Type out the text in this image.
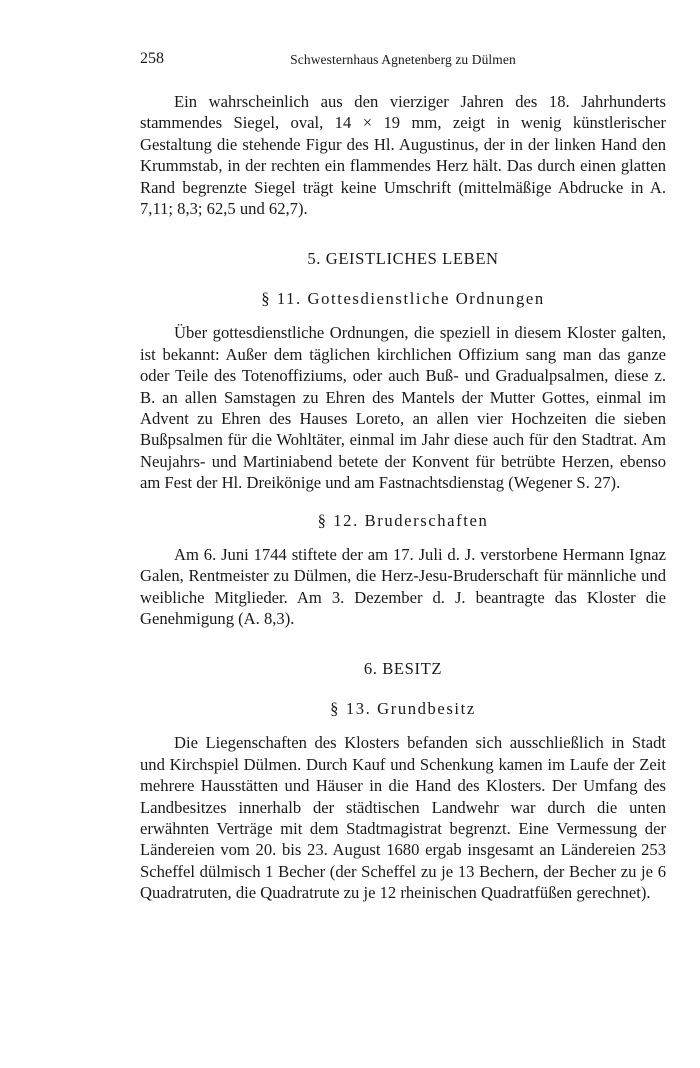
258	Schwesternhaus Agnetenberg zu Dülmen

Ein wahrscheinlich aus den vierziger Jahren des 18. Jahrhunderts stammendes Siegel, oval, 14 × 19 mm, zeigt in wenig künstlerischer Gestaltung die stehende Figur des Hl. Augustinus, der in der linken Hand den Krummstab, in der rechten ein flammendes Herz hält. Das durch einen glatten Rand begrenzte Siegel trägt keine Umschrift (mittelmäßige Abdrucke in A. 7,11; 8,3; 62,5 und 62,7).

5. GEISTLICHES LEBEN
§ 11. Gottesdienstliche Ordnungen

Über gottesdienstliche Ordnungen, die speziell in diesem Kloster galten, ist bekannt: Außer dem täglichen kirchlichen Offizium sang man das ganze oder Teile des Totenoffiziums, oder auch Buß- und Gradualpsalmen, diese z. B. an allen Samstagen zu Ehren des Mantels der Mutter Gottes, einmal im Advent zu Ehren des Hauses Loreto, an allen vier Hochzeiten die sieben Bußpsalmen für die Wohltäter, einmal im Jahr diese auch für den Stadtrat. Am Neujahrs- und Martiniabend betete der Konvent für betrübte Herzen, ebenso am Fest der Hl. Dreikönige und am Fastnachtsdienstag (Wegener S. 27).

§ 12. Bruderschaften

Am 6. Juni 1744 stiftete der am 17. Juli d. J. verstorbene Hermann Ignaz Galen, Rentmeister zu Dülmen, die Herz-Jesu-Bruderschaft für männliche und weibliche Mitglieder. Am 3. Dezember d. J. beantragte das Kloster die Genehmigung (A. 8,3).

6. BESITZ
§ 13. Grundbesitz

Die Liegenschaften des Klosters befanden sich ausschließlich in Stadt und Kirchspiel Dülmen. Durch Kauf und Schenkung kamen im Laufe der Zeit mehrere Hausstätten und Häuser in die Hand des Klosters. Der Umfang des Landbesitzes innerhalb der städtischen Landwehr war durch die unten erwähnten Verträge mit dem Stadtmagistrat begrenzt. Eine Vermessung der Ländereien vom 20. bis 23. August 1680 ergab insgesamt an Ländereien 253 Scheffel dülmisch 1 Becher (der Scheffel zu je 13 Bechern, der Becher zu je 6 Quadratruten, die Quadratrute zu je 12 rheinischen Quadratfüßen gerechnet).
